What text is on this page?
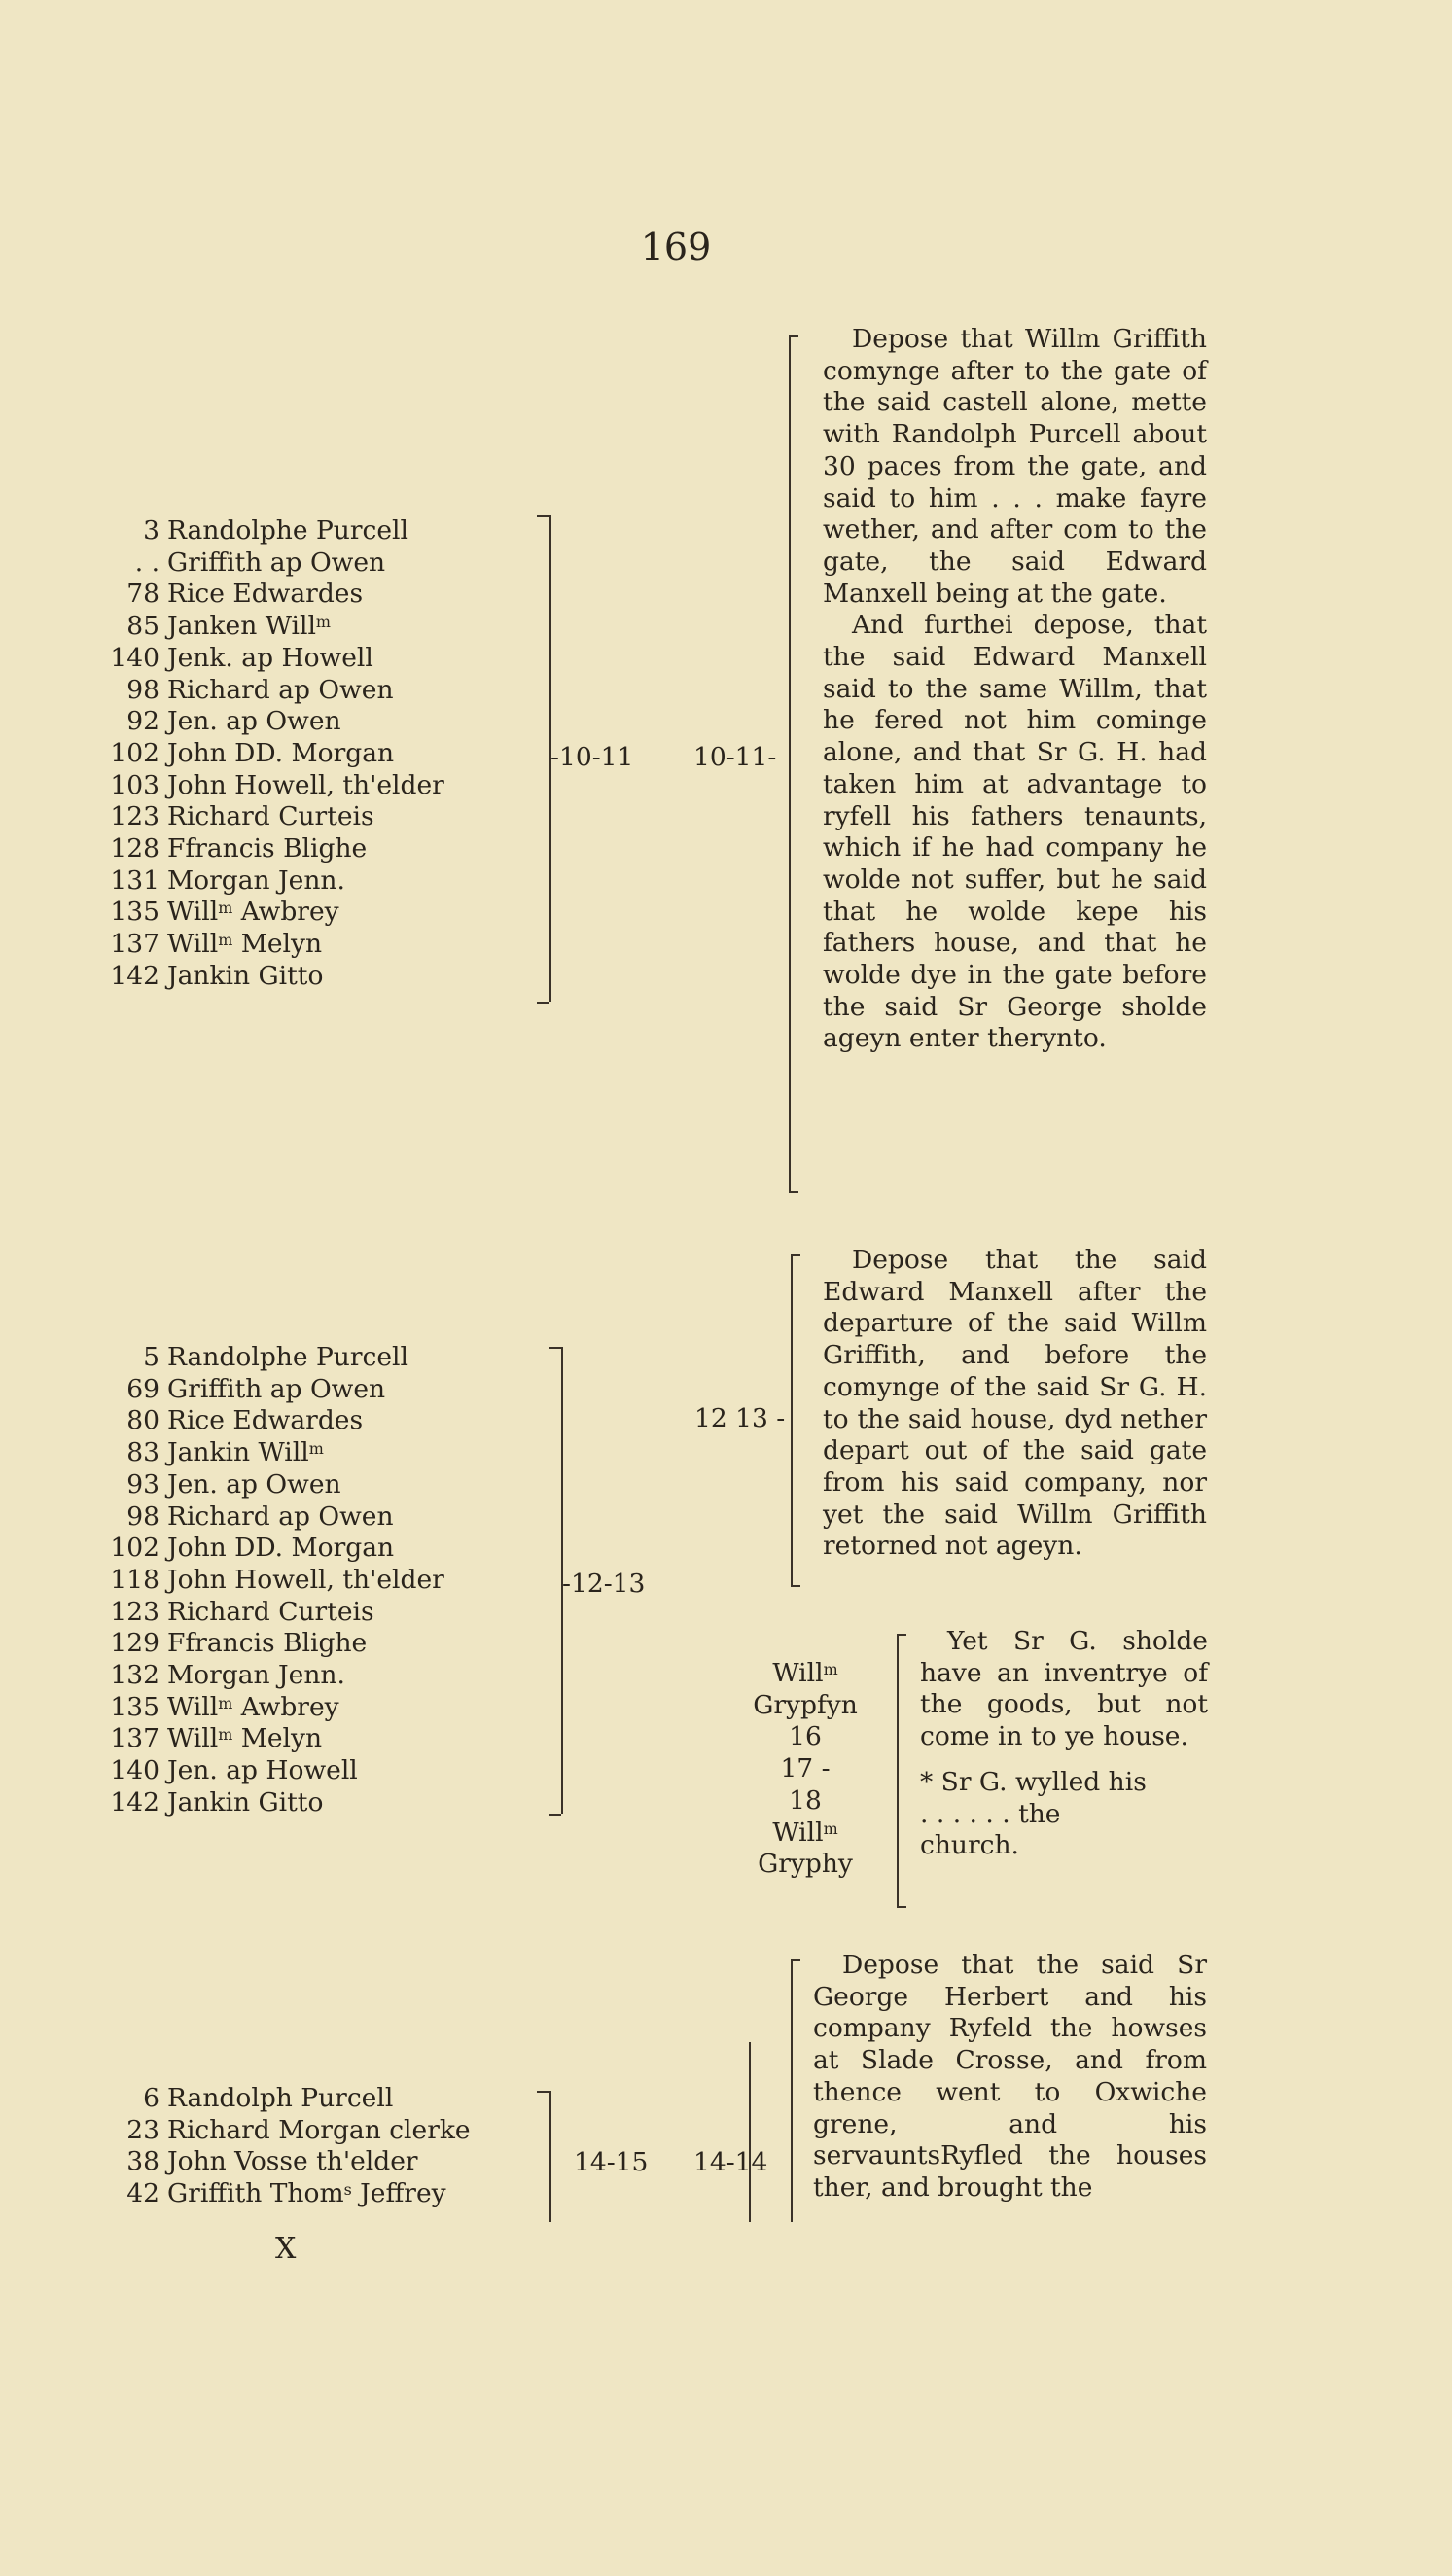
169
3 Randolphe Purcell
. . Griffith ap Owen
78 Rice Edwardes
85 Janken Will$^m$
140 Jenk. ap Howell
98 Richard ap Owen
92 Jen. ap Owen
102 John DD. Morgan
103 John Howell, th'elder
123 Richard Curteis
128 Ffrancis Blighe
131 Morgan Jenn.
135 Will$^m$ Awbrey
137 Will$^m$ Melyn
142 Jankin Gitto
-10-11 10-11-

Depose that Willm Griffith comynge after to the gate of the said castell alone, mette with Randolph Purcell about 30 paces from the gate, and said to him . . . make fayre wether, and after com to the gate, the said Edward Manxell being at the gate.

And furthei depose, that the said Edward Manxell said to the same Willm, that he fered not him cominge alone, and that Sr G. H. had taken him at advantage to ryfell his fathers tenaunts, which if he had company he wolde not suffer, but he said that he wolde kepe his fathers house, and that he wolde dye in the gate before the said Sr George sholde ageyn enter therynto.

Depose that the said Edward Manxell after the departure of the said Willm Griffith, and before the comynge of the said Sr G. H. to the said house, dyd nether depart out of the said gate from his said company, nor yet the said Willm Griffith retorned not ageyn.

12 13 -
5 Randolphe Purcell
69 Griffith ap Owen
80 Rice Edwardes
83 Jankin Will$^m$
93 Jen. ap Owen
98 Richard ap Owen
102 John DD. Morgan
118 John Howell, th'elder
123 Richard Curteis
129 Ffrancis Blighe
132 Morgan Jenn.
135 Will$^m$ Awbrey
137 Will$^m$ Melyn
140 Jen. ap Howell
142 Jankin Gitto
-12-13
Will$^m$
Grypfyn
16
17 -
18
Will$^m$
Gryphy

Yet Sr G. sholde have an inventrye of the goods, but not come in to ye house.

* Sr G. wylled his
. . . . . . the
church.

Depose that the said Sr George Herbert and his company Ryfeld the howses at Slade Crosse, and from thence went to Oxwiche grene, and his servauntsRyfled the houses ther, and brought the

14-14
6 Randolph Purcell
23 Richard Morgan clerke
38 John Vosse th'elder
42 Griffith Thom$^s$ Jeffrey
14-15
X
